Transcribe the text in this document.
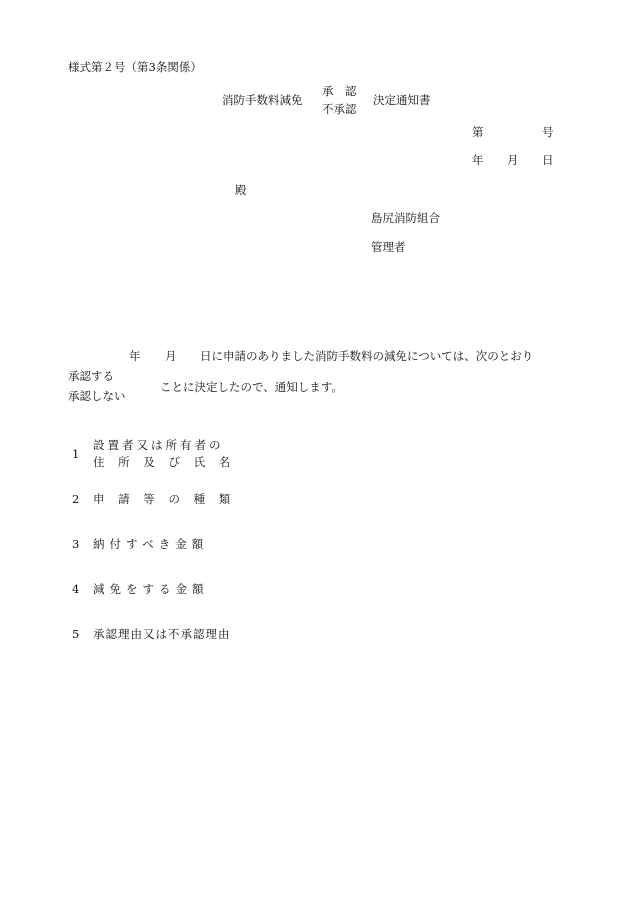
様式第２号（第3条関係）
消防手数料減免
承　認
不承認
決定通知書
第	号
年 月 日
殿
島尻消防組合
管理者
年 月 日に申請のありました消防手数料の減免については、次のとおり
承認する
承認しない
ことに決定したので、通知します。
1
設置者又は所有者の
住 所 及 び 氏 名
2 申 請 等 の 種 類
3 納付すべき金額
4 減免をする金額
5 承認理由又は不承認理由
